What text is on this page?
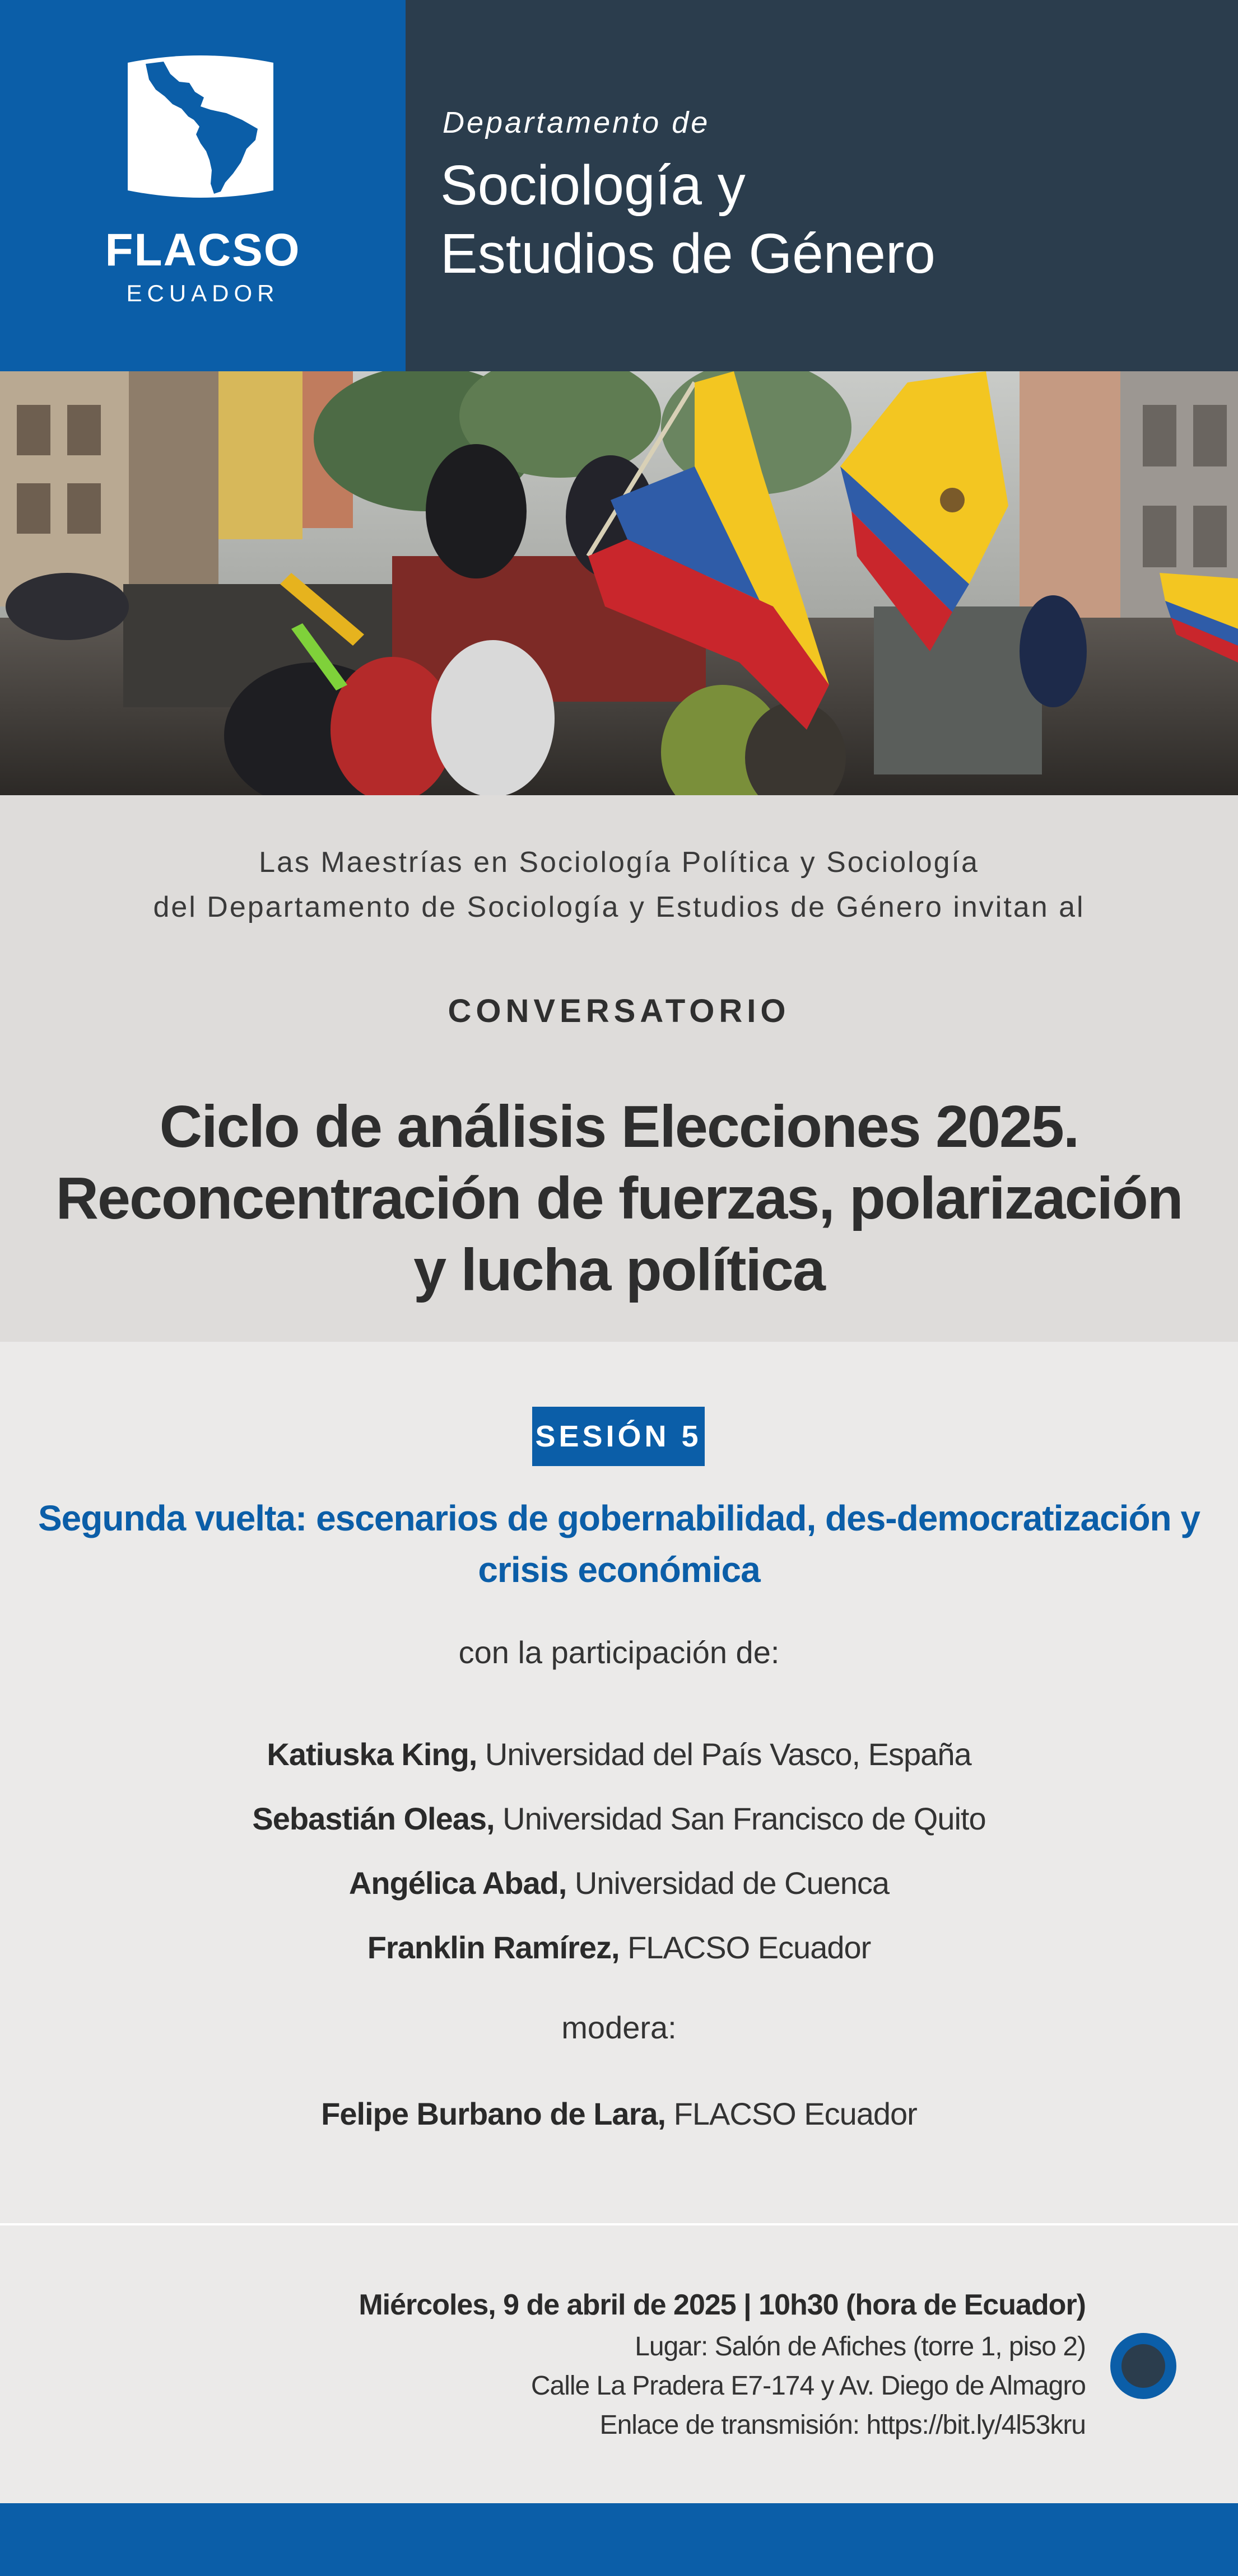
FLACSO
ECUADOR
Departamento de
Sociología y
Estudios de Género
Las Maestrías en Sociología Política y Sociología
del Departamento de Sociología y Estudios de Género invitan al
CONVERSATORIO
Ciclo de análisis Elecciones 2025.
Reconcentración de fuerzas, polarización
y lucha política
SESIÓN 5
Segunda vuelta: escenarios de gobernabilidad, des-democratización y
crisis económica
con la participación de:
Katiuska King, Universidad del País Vasco, España
Sebastián Oleas, Universidad San Francisco de Quito
Angélica Abad, Universidad de Cuenca
Franklin Ramírez, FLACSO Ecuador
modera:
Felipe Burbano de Lara, FLACSO Ecuador
Miércoles, 9 de abril de 2025 | 10h30 (hora de Ecuador)
Lugar: Salón de Afiches (torre 1, piso 2)
Calle La Pradera E7-174 y Av. Diego de Almagro
Enlace de transmisión: https://bit.ly/4l53kru
